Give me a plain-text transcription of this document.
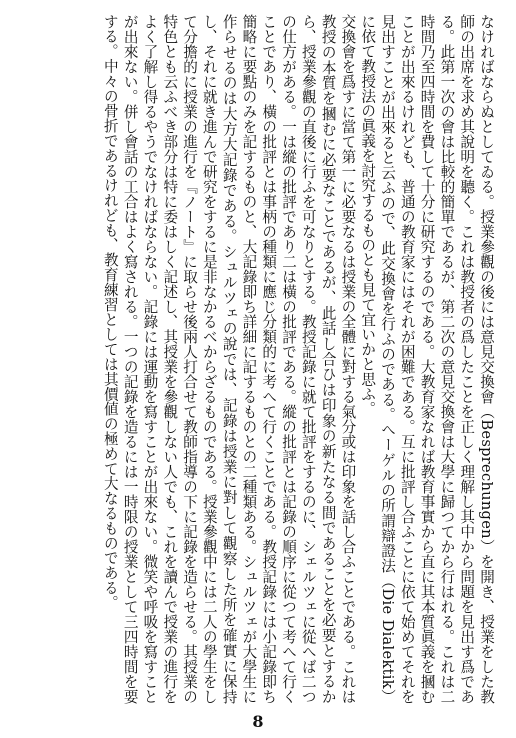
なければならぬとしてゐる。授業參觀の後には意見交換會（Besprechungen）を開き、授業をした教師の出席を求め其說明を聽く。これは教授者の爲したことを正しく理解し其中から問題を見出す爲である。此第一次の會は比較的簡單であるが、第二次の意見交換會は大學に歸つてから行はれる。これは二時間乃至四時間を費して十分に研究するのである。大教育家なれば教育事實から直に其本質眞義を摑むことが出來るけれども、普通の教育家にはそれが困難である。互に批評し合ふことに依て始めてそれを見出すことが出來ると云ふので、此交換會を行ふのである。へーゲルの所謂辯證法（Die Dialektik）に依て教授法の眞義を討究するものとも見て宜いかと思ふ。

交換會を爲すに當て第一に必要なるは授業の全體に對する氣分或は印象を話し合ふことである。これは教授の本質を摑むに必要なことであるが、此話し合ひは印象の新たなる間であることを必要とするから、授業參觀の直後に行ふを可なりとする。教授記錄に就て批評をするのに、シェルツェに從へば二つの仕方がある。一は縱の批評であり二は橫の批評である。縱の批評とは記錄の順序に從つて考へて行くことであり、橫の批評とは事柄の種類に應じ分類的に考へて行くことである。教授記錄には小記錄即ち簡略に要點のみを記するものと、大記錄即ち詳細に記するものとの二種類ある。シュルツェが大學生に作らせるのは大方大記錄である。シュルツェの說では、記錄は授業に對して觀察した所を確實に保持し、それに就き進んで研究をするに是非なかるべからざるものである。授業參觀中には二人の學生をして分擔的に授業の進行を『ノート』に取らせ後兩人打合せて教師指導の下に記錄を造らせる。其授業の特色とも云ふべき部分は特に委はしく記述し、其授業を參觀しない人でも、これを讀んで授業の進行をよく了解し得るやうでなければならない。記錄には運動を寫すことが出來ない。微笑や呼吸を寫すことが出來ない。併し會話の工合はよく寫される。一つの記錄を造るには一時限の授業として三四時間を要する。中々の骨折であるけれども、教育練習としては其價値の極めて大なるものである。

8
